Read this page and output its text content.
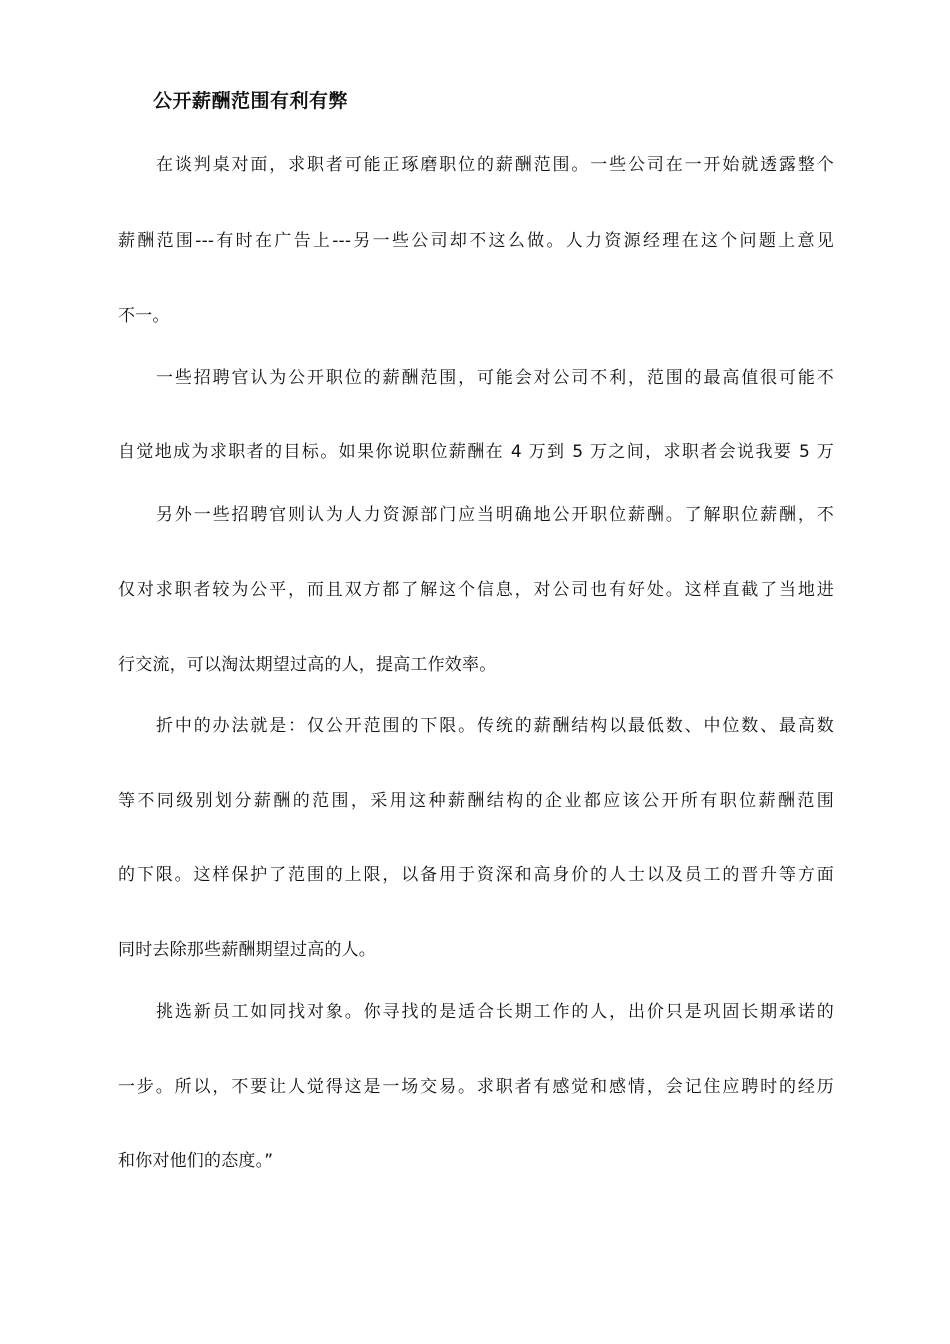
公开薪酬范围有利有弊
在谈判桌对面，求职者可能正琢磨职位的薪酬范围。一些公司在一开始就透露整个
薪酬范围---有时在广告上---另一些公司却不这么做。人力资源经理在这个问题上意见
不一。
一些招聘官认为公开职位的薪酬范围，可能会对公司不利，范围的最高值很可能不
自觉地成为求职者的目标。如果你说职位薪酬在 4 万到 5 万之间，求职者会说我要 5 万
另外一些招聘官则认为人力资源部门应当明确地公开职位薪酬。了解职位薪酬，不
仅对求职者较为公平，而且双方都了解这个信息，对公司也有好处。这样直截了当地进
行交流，可以淘汰期望过高的人，提高工作效率。
折中的办法就是：仅公开范围的下限。传统的薪酬结构以最低数、中位数、最高数
等不同级别划分薪酬的范围，采用这种薪酬结构的企业都应该公开所有职位薪酬范围
的下限。这样保护了范围的上限，以备用于资深和高身价的人士以及员工的晋升等方面
同时去除那些薪酬期望过高的人。
挑选新员工如同找对象。你寻找的是适合长期工作的人，出价只是巩固长期承诺的
一步。所以，不要让人觉得这是一场交易。求职者有感觉和感情，会记住应聘时的经历
和你对他们的态度。”
